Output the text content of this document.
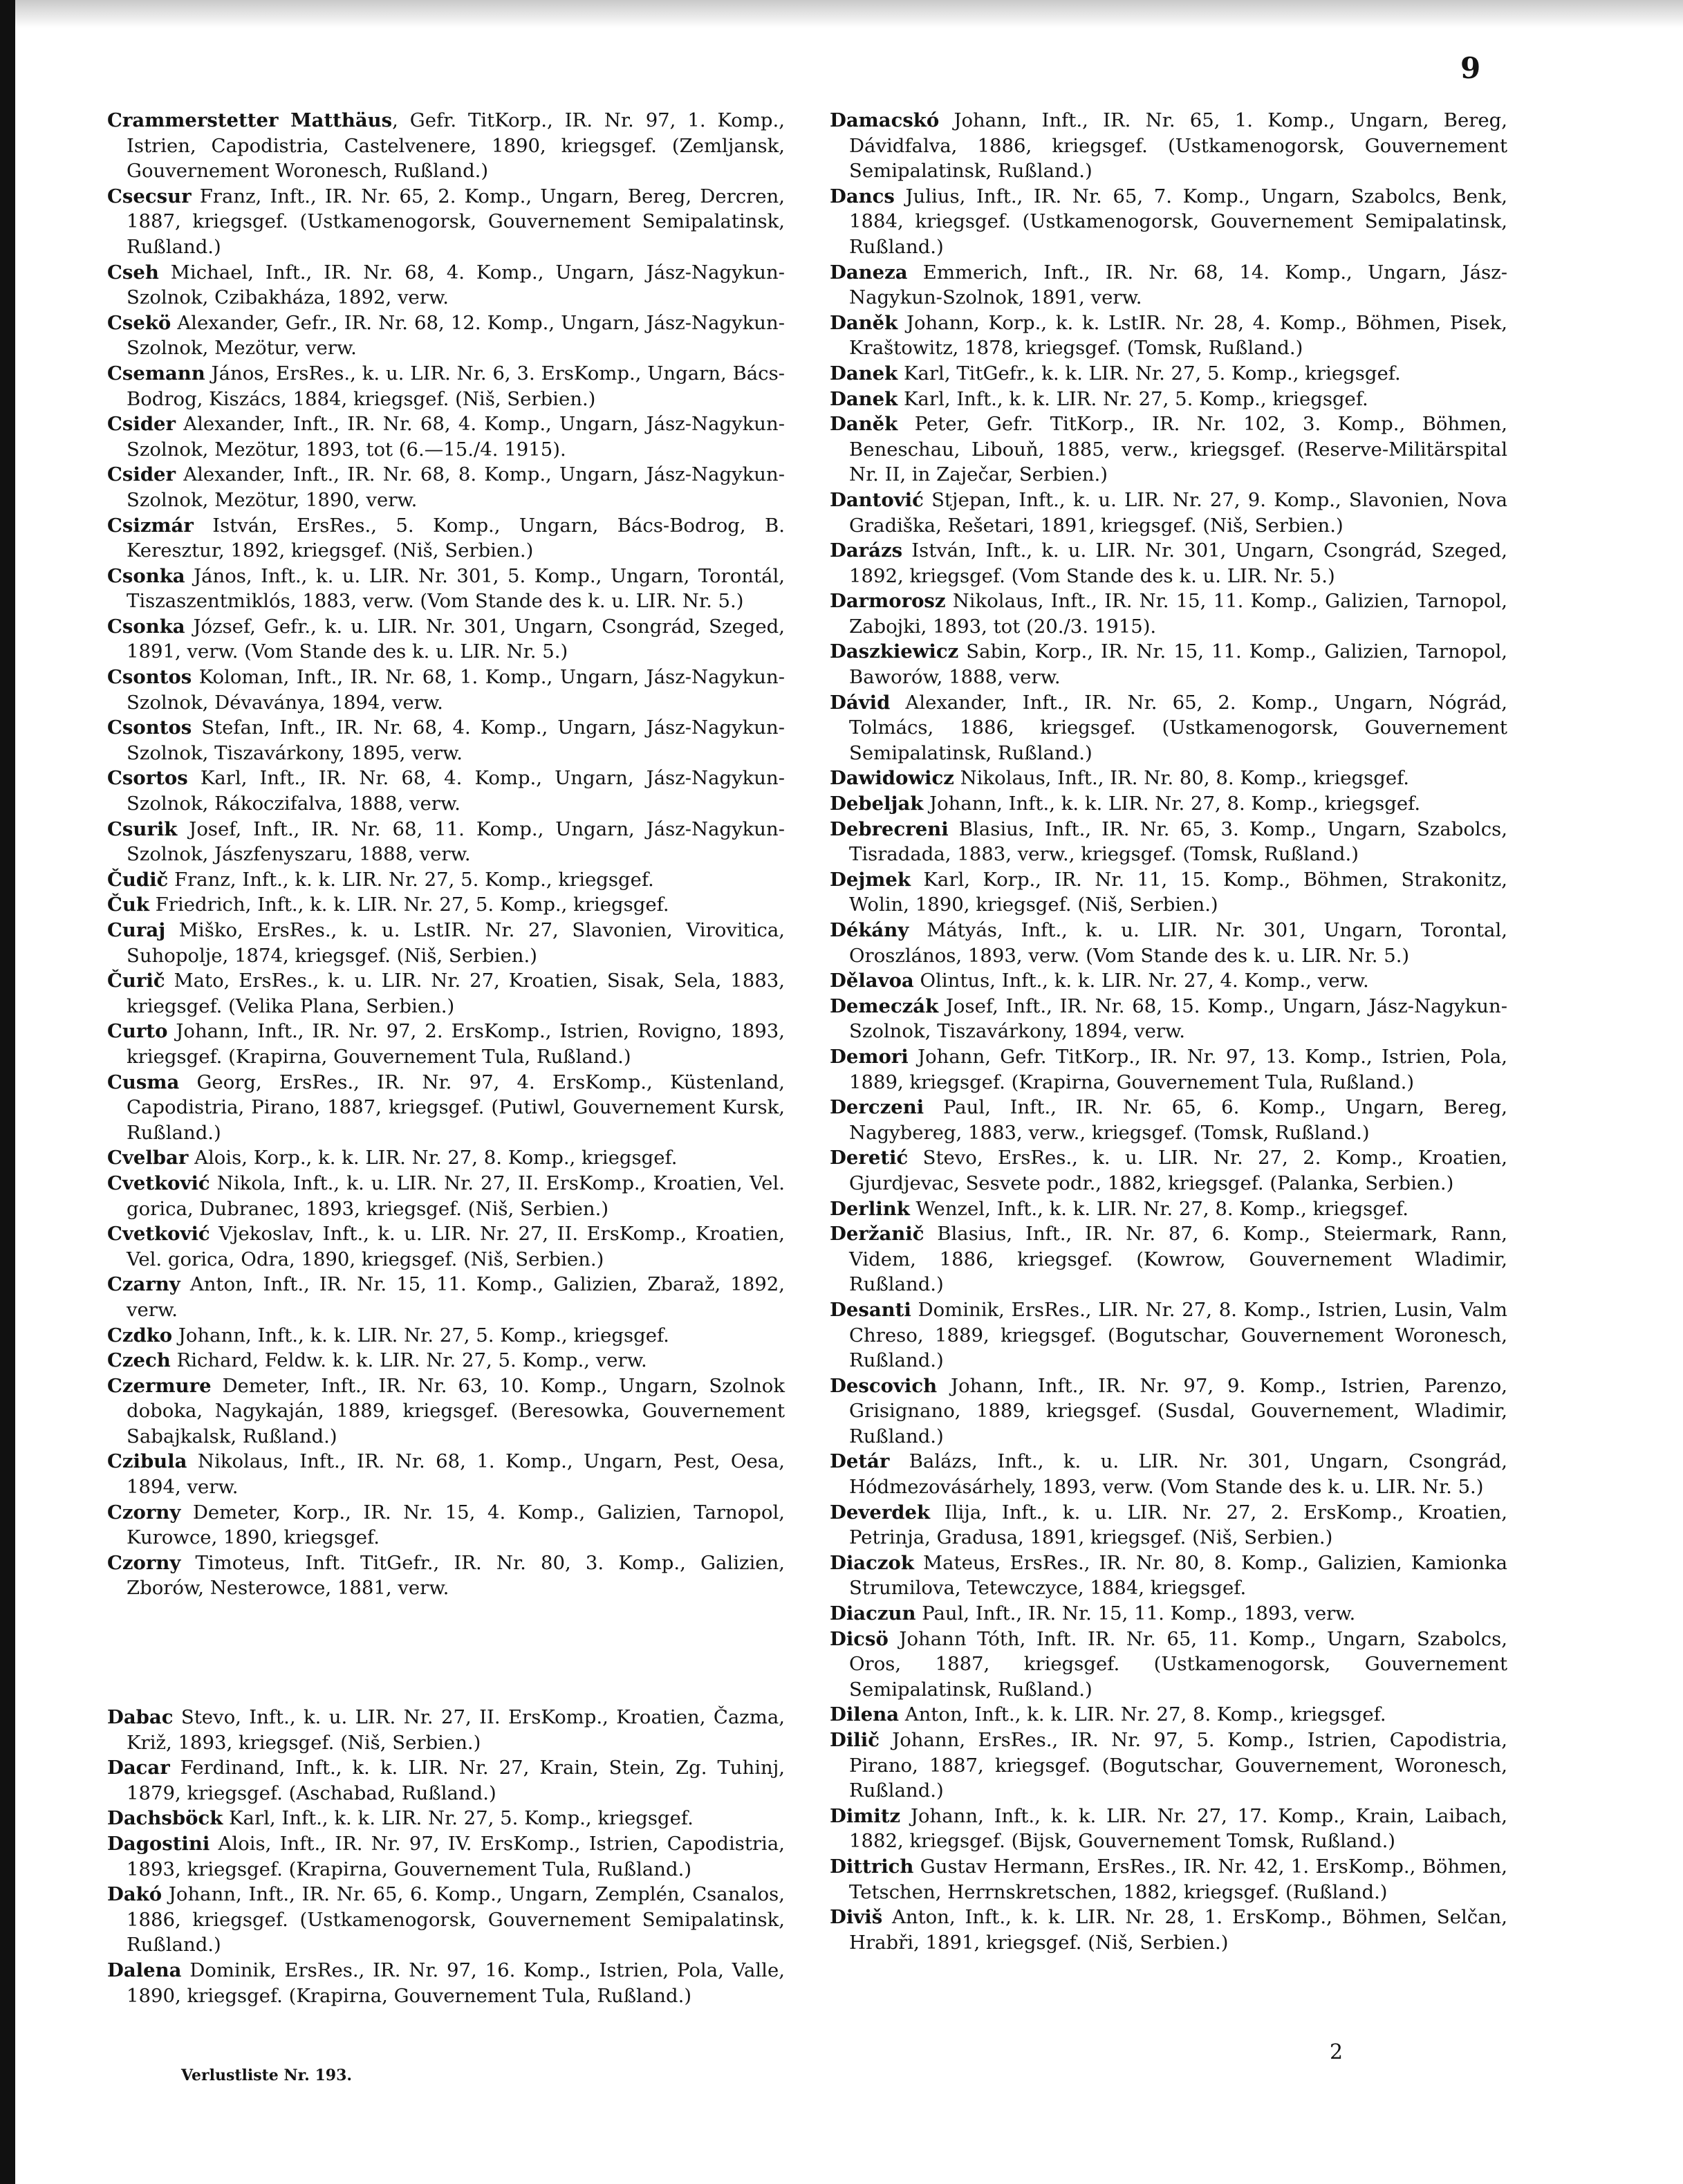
9

Crammerstetter Matthäus, Gefr. TitKorp., IR. Nr. 97, 1. Komp., Istrien, Capodistria, Castelvenere, 1890, kriegsgef. (Zemljansk, Gouvernement Woronesch, Rußland.)

Csecsur Franz, Inft., IR. Nr. 65, 2. Komp., Ungarn, Bereg, Dercren, 1887, kriegsgef. (Ustkamenogorsk, Gouvernement Semipalatinsk, Rußland.)

Cseh Michael, Inft., IR. Nr. 68, 4. Komp., Ungarn, Jász-Nagykun-Szolnok, Czibakháza, 1892, verw.

Csekö Alexander, Gefr., IR. Nr. 68, 12. Komp., Ungarn, Jász-Nagykun-Szolnok, Mezötur, verw.

Csemann János, ErsRes., k. u. LIR. Nr. 6, 3. ErsKomp., Ungarn, Bács-Bodrog, Kiszács, 1884, kriegsgef. (Niš, Serbien.)

Csider Alexander, Inft., IR. Nr. 68, 4. Komp., Ungarn, Jász-Nagykun-Szolnok, Mezötur, 1893, tot (6.—15./4. 1915).

Csider Alexander, Inft., IR. Nr. 68, 8. Komp., Ungarn, Jász-Nagykun-Szolnok, Mezötur, 1890, verw.

Csizmár István, ErsRes., 5. Komp., Ungarn, Bács-Bodrog, B. Keresztur, 1892, kriegsgef. (Niš, Serbien.)

Csonka János, Inft., k. u. LIR. Nr. 301, 5. Komp., Ungarn, Torontál, Tiszaszentmiklós, 1883, verw. (Vom Stande des k. u. LIR. Nr. 5.)

Csonka József, Gefr., k. u. LIR. Nr. 301, Ungarn, Csongrád, Szeged, 1891, verw. (Vom Stande des k. u. LIR. Nr. 5.)

Csontos Koloman, Inft., IR. Nr. 68, 1. Komp., Ungarn, Jász-Nagykun-Szolnok, Dévaványa, 1894, verw.

Csontos Stefan, Inft., IR. Nr. 68, 4. Komp., Ungarn, Jász-Nagykun-Szolnok, Tiszavárkony, 1895, verw.

Csortos Karl, Inft., IR. Nr. 68, 4. Komp., Ungarn, Jász-Nagykun-Szolnok, Rákoczifalva, 1888, verw.

Csurik Josef, Inft., IR. Nr. 68, 11. Komp., Ungarn, Jász-Nagykun-Szolnok, Jászfenyszaru, 1888, verw.

Čudič Franz, Inft., k. k. LIR. Nr. 27, 5. Komp., kriegsgef.

Čuk Friedrich, Inft., k. k. LIR. Nr. 27, 5. Komp., kriegsgef.

Curaj Miško, ErsRes., k. u. LstIR. Nr. 27, Slavonien, Virovitica, Suhopolje, 1874, kriegsgef. (Niš, Serbien.)

Čurič Mato, ErsRes., k. u. LIR. Nr. 27, Kroatien, Sisak, Sela, 1883, kriegsgef. (Velika Plana, Serbien.)

Curto Johann, Inft., IR. Nr. 97, 2. ErsKomp., Istrien, Rovigno, 1893, kriegsgef. (Krapirna, Gouvernement Tula, Rußland.)

Cusma Georg, ErsRes., IR. Nr. 97, 4. ErsKomp., Küstenland, Capodistria, Pirano, 1887, kriegsgef. (Putiwl, Gouvernement Kursk, Rußland.)

Cvelbar Alois, Korp., k. k. LIR. Nr. 27, 8. Komp., kriegsgef.

Cvetković Nikola, Inft., k. u. LIR. Nr. 27, II. ErsKomp., Kroatien, Vel. gorica, Dubranec, 1893, kriegsgef. (Niš, Serbien.)

Cvetković Vjekoslav, Inft., k. u. LIR. Nr. 27, II. ErsKomp., Kroatien, Vel. gorica, Odra, 1890, kriegsgef. (Niš, Serbien.)

Czarny Anton, Inft., IR. Nr. 15, 11. Komp., Galizien, Zbaraž, 1892, verw.

Czdko Johann, Inft., k. k. LIR. Nr. 27, 5. Komp., kriegsgef.

Czech Richard, Feldw. k. k. LIR. Nr. 27, 5. Komp., verw.

Czermure Demeter, Inft., IR. Nr. 63, 10. Komp., Ungarn, Szolnok doboka, Nagykaján, 1889, kriegsgef. (Beresowka, Gouvernement Sabajkalsk, Rußland.)

Czibula Nikolaus, Inft., IR. Nr. 68, 1. Komp., Ungarn, Pest, Oesa, 1894, verw.

Czorny Demeter, Korp., IR. Nr. 15, 4. Komp., Galizien, Tarnopol, Kurowce, 1890, kriegsgef.

Czorny Timoteus, Inft. TitGefr., IR. Nr. 80, 3. Komp., Galizien, Zborów, Nesterowce, 1881, verw.

Dabac Stevo, Inft., k. u. LIR. Nr. 27, II. ErsKomp., Kroatien, Čazma, Križ, 1893, kriegsgef. (Niš, Serbien.)

Dacar Ferdinand, Inft., k. k. LIR. Nr. 27, Krain, Stein, Zg. Tuhinj, 1879, kriegsgef. (Aschabad, Rußland.)

Dachsböck Karl, Inft., k. k. LIR. Nr. 27, 5. Komp., kriegsgef.

Dagostini Alois, Inft., IR. Nr. 97, IV. ErsKomp., Istrien, Capodistria, 1893, kriegsgef. (Krapirna, Gouvernement Tula, Rußland.)

Dakó Johann, Inft., IR. Nr. 65, 6. Komp., Ungarn, Zemplén, Csanalos, 1886, kriegsgef. (Ustkamenogorsk, Gouvernement Semipalatinsk, Rußland.)

Dalena Dominik, ErsRes., IR. Nr. 97, 16. Komp., Istrien, Pola, Valle, 1890, kriegsgef. (Krapirna, Gouvernement Tula, Rußland.)

Damacskó Johann, Inft., IR. Nr. 65, 1. Komp., Ungarn, Bereg, Dávidfalva, 1886, kriegsgef. (Ustkamenogorsk, Gouvernement Semipalatinsk, Rußland.)

Dancs Julius, Inft., IR. Nr. 65, 7. Komp., Ungarn, Szabolcs, Benk, 1884, kriegsgef. (Ustkamenogorsk, Gouvernement Semipalatinsk, Rußland.)

Daneza Emmerich, Inft., IR. Nr. 68, 14. Komp., Ungarn, Jász-Nagykun-Szolnok, 1891, verw.

Daněk Johann, Korp., k. k. LstIR. Nr. 28, 4. Komp., Böhmen, Pisek, Kraštowitz, 1878, kriegsgef. (Tomsk, Rußland.)

Danek Karl, TitGefr., k. k. LIR. Nr. 27, 5. Komp., kriegsgef.

Danek Karl, Inft., k. k. LIR. Nr. 27, 5. Komp., kriegsgef.

Daněk Peter, Gefr. TitKorp., IR. Nr. 102, 3. Komp., Böhmen, Beneschau, Libouň, 1885, verw., kriegsgef. (Reserve-Militärspital Nr. II, in Zaječar, Serbien.)

Dantović Stjepan, Inft., k. u. LIR. Nr. 27, 9. Komp., Slavonien, Nova Gradiška, Rešetari, 1891, kriegsgef. (Niš, Serbien.)

Darázs István, Inft., k. u. LIR. Nr. 301, Ungarn, Csongrád, Szeged, 1892, kriegsgef. (Vom Stande des k. u. LIR. Nr. 5.)

Darmorosz Nikolaus, Inft., IR. Nr. 15, 11. Komp., Galizien, Tarnopol, Zabojki, 1893, tot (20./3. 1915).

Daszkiewicz Sabin, Korp., IR. Nr. 15, 11. Komp., Galizien, Tarnopol, Baworów, 1888, verw.

Dávid Alexander, Inft., IR. Nr. 65, 2. Komp., Ungarn, Nógrád, Tolmács, 1886, kriegsgef. (Ustkamenogorsk, Gouvernement Semipalatinsk, Rußland.)

Dawidowicz Nikolaus, Inft., IR. Nr. 80, 8. Komp., kriegsgef.

Debeljak Johann, Inft., k. k. LIR. Nr. 27, 8. Komp., kriegsgef.

Debrecreni Blasius, Inft., IR. Nr. 65, 3. Komp., Ungarn, Szabolcs, Tisradada, 1883, verw., kriegsgef. (Tomsk, Rußland.)

Dejmek Karl, Korp., IR. Nr. 11, 15. Komp., Böhmen, Strakonitz, Wolin, 1890, kriegsgef. (Niš, Serbien.)

Dékány Mátyás, Inft., k. u. LIR. Nr. 301, Ungarn, Torontal, Oroszlános, 1893, verw. (Vom Stande des k. u. LIR. Nr. 5.)

Dělavoa Olintus, Inft., k. k. LIR. Nr. 27, 4. Komp., verw.

Demeczák Josef, Inft., IR. Nr. 68, 15. Komp., Ungarn, Jász-Nagykun-Szolnok, Tiszavárkony, 1894, verw.

Demori Johann, Gefr. TitKorp., IR. Nr. 97, 13. Komp., Istrien, Pola, 1889, kriegsgef. (Krapirna, Gouvernement Tula, Rußland.)

Derczeni Paul, Inft., IR. Nr. 65, 6. Komp., Ungarn, Bereg, Nagybereg, 1883, verw., kriegsgef. (Tomsk, Rußland.)

Deretić Stevo, ErsRes., k. u. LIR. Nr. 27, 2. Komp., Kroatien, Gjurdjevac, Sesvete podr., 1882, kriegsgef. (Palanka, Serbien.)

Derlink Wenzel, Inft., k. k. LIR. Nr. 27, 8. Komp., kriegsgef.

Deržanič Blasius, Inft., IR. Nr. 87, 6. Komp., Steiermark, Rann, Videm, 1886, kriegsgef. (Kowrow, Gouvernement Wladimir, Rußland.)

Desanti Dominik, ErsRes., LIR. Nr. 27, 8. Komp., Istrien, Lusin, Valm Chreso, 1889, kriegsgef. (Bogutschar, Gouvernement Woronesch, Rußland.)

Descovich Johann, Inft., IR. Nr. 97, 9. Komp., Istrien, Parenzo, Grisignano, 1889, kriegsgef. (Susdal, Gouvernement, Wladimir, Rußland.)

Detár Balázs, Inft., k. u. LIR. Nr. 301, Ungarn, Csongrád, Hódmezovásárhely, 1893, verw. (Vom Stande des k. u. LIR. Nr. 5.)

Deverdek Ilija, Inft., k. u. LIR. Nr. 27, 2. ErsKomp., Kroatien, Petrinja, Gradusa, 1891, kriegsgef. (Niš, Serbien.)

Diaczok Mateus, ErsRes., IR. Nr. 80, 8. Komp., Galizien, Kamionka Strumilova, Tetewczyce, 1884, kriegsgef.

Diaczun Paul, Inft., IR. Nr. 15, 11. Komp., 1893, verw.

Dicsö Johann Tóth, Inft. IR. Nr. 65, 11. Komp., Ungarn, Szabolcs, Oros, 1887, kriegsgef. (Ustkamenogorsk, Gouvernement Semipalatinsk, Rußland.)

Dilena Anton, Inft., k. k. LIR. Nr. 27, 8. Komp., kriegsgef.

Dilič Johann, ErsRes., IR. Nr. 97, 5. Komp., Istrien, Capodistria, Pirano, 1887, kriegsgef. (Bogutschar, Gouvernement, Woronesch, Rußland.)

Dimitz Johann, Inft., k. k. LIR. Nr. 27, 17. Komp., Krain, Laibach, 1882, kriegsgef. (Bijsk, Gouvernement Tomsk, Rußland.)

Dittrich Gustav Hermann, ErsRes., IR. Nr. 42, 1. ErsKomp., Böhmen, Tetschen, Herrnskretschen, 1882, kriegsgef. (Rußland.)

Diviš Anton, Inft., k. k. LIR. Nr. 28, 1. ErsKomp., Böhmen, Selčan, Hrabři, 1891, kriegsgef. (Niš, Serbien.)

Verlustliste Nr. 193.
2
